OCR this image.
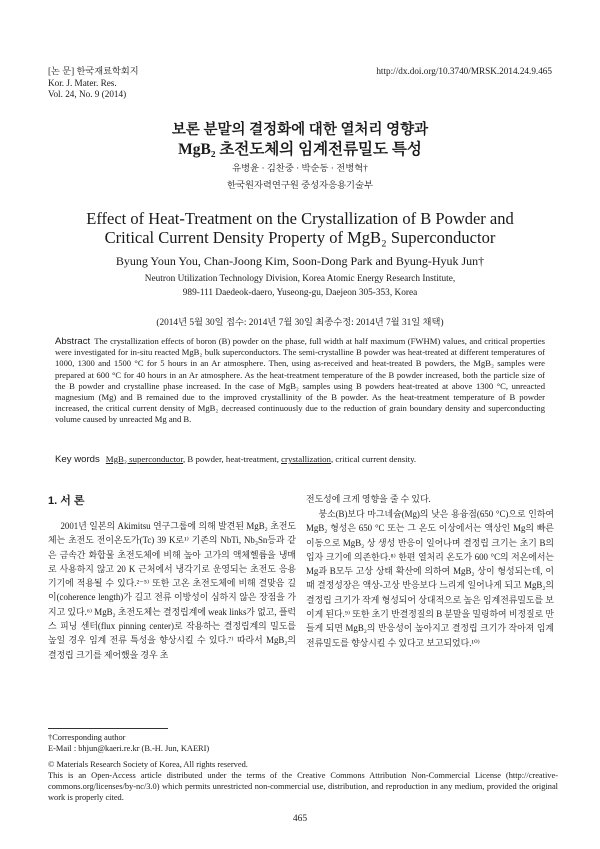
[논 문] 한국재료학회지
Kor. J. Mater. Res.
Vol. 24, No. 9 (2014)
http://dx.doi.org/10.3740/MRSK.2014.24.9.465
보론 분말의 결정화에 대한 열처리 영향과
MgB₂ 초전도체의 임계전류밀도 특성
유병윤 · 김찬중 · 박순동 · 전병혁†
한국원자력연구원 중성자응용기술부
Effect of Heat-Treatment on the Crystallization of B Powder and
Critical Current Density Property of MgB₂ Superconductor
Byung Youn You, Chan-Joong Kim, Soon-Dong Park and Byung-Hyuk Jun†
Neutron Utilization Technology Division, Korea Atomic Energy Research Institute,
989-111 Daedeok-daero, Yuseong-gu, Daejeon 305-353, Korea
(2014년 5월 30일 접수: 2014년 7월 30일 최종수정: 2014년 7월 31일 채택)
Abstract The crystallization effects of boron (B) powder on the phase, full width at half maximum (FWHM) values, and critical properties were investigated for in-situ reacted MgB₂ bulk superconductors. The semi-crystalline B powder was heat-treated at different temperatures of 1000, 1300 and 1500 °C for 5 hours in an Ar atmosphere. Then, using as-received and heat-treated B powders, the MgB₂ samples were prepared at 600 °C for 40 hours in an Ar atmosphere. As the heat-treatment temperature of the B powder increased, both the particle size of the B powder and crystalline phase increased. In the case of MgB₂ samples using B powders heat-treated at above 1300 °C, unreacted magnesium (Mg) and B remained due to the improved crystallinity of the B powder. As the heat-treatment temperature of B powder increased, the critical current density of MgB₂ decreased continuously due to the reduction of grain boundary density and superconducting volume caused by unreacted Mg and B.
Key words MgB₂ superconductor, B powder, heat-treatment, crystallization, critical current density.
1. 서 론
2001년 일본의 Akimitsu 연구그룹에 의해 발견된 MgB₂ 초전도체는 초전도 전이온도가(Tc) 39 K로¹⁾ 기존의 NbTi, Nb₃Sn등과 같은 금속간 화합물 초전도체에 비해 높아 고가의 액체헬륨을 냉매로 사용하지 않고 20 K 근처에서 냉각기로 운영되는 초전도 응용기기에 적용될 수 있다.²⁻⁵⁾ 또한 고온 초전도체에 비해 결맞음 길이(coherence length)가 길고 전류 이방성이 심하지 않은 장점을 가지고 있다.⁶⁾ MgB₂ 초전도체는 결정립계에 weak links가 없고, 플럭스 피닝 센터(flux pinning center)로 작용하는 결정립계의 밀도를 높일 경우 임계 전류 특성을 향상시킬 수 있다.⁷⁾ 따라서 MgB₂의 결정립 크기를 제어했을 경우 초
전도성에 크게 영향을 줄 수 있다.
붕소(B)보다 마그네슘(Mg)의 낮은 용융점(650 °C)으로 인하여 MgB₂ 형성은 650 °C 또는 그 온도 이상에서는 액상인 Mg의 빠른 이동으로 MgB₂ 상 생성 반응이 일어나며 결정립 크기는 초기 B의 입자 크기에 의존한다.⁸⁾ 한편 열처리 온도가 600 °C의 저온에서는 Mg과 B모두 고상 상태 확산에 의하여 MgB₂ 상이 형성되는데, 이때 결정성장은 액상-고상 반응보다 느리게 일어나게 되고 MgB₂의 결정립 크기가 작게 형성되어 상대적으로 높은 임계전류밀도를 보이게 된다.⁹⁾ 또한 초기 반결정질의 B 분말을 밀링하여 비정질로 만들게 되면 MgB₂의 반응성이 높아지고 결정립 크기가 작아져 임계전류밀도를 향상시킬 수 있다고 보고되었다.¹⁰⁾
†Corresponding author
E-Mail : bhjun@kaeri.re.kr (B.-H. Jun, KAERI)
© Materials Research Society of Korea, All rights reserved.
This is an Open-Access article distributed under the terms of the Creative Commons Attribution Non-Commercial License (http://creative-commons.org/licenses/by-nc/3.0) which permits unrestricted non-commercial use, distribution, and reproduction in any medium, provided the original work is properly cited.
465
